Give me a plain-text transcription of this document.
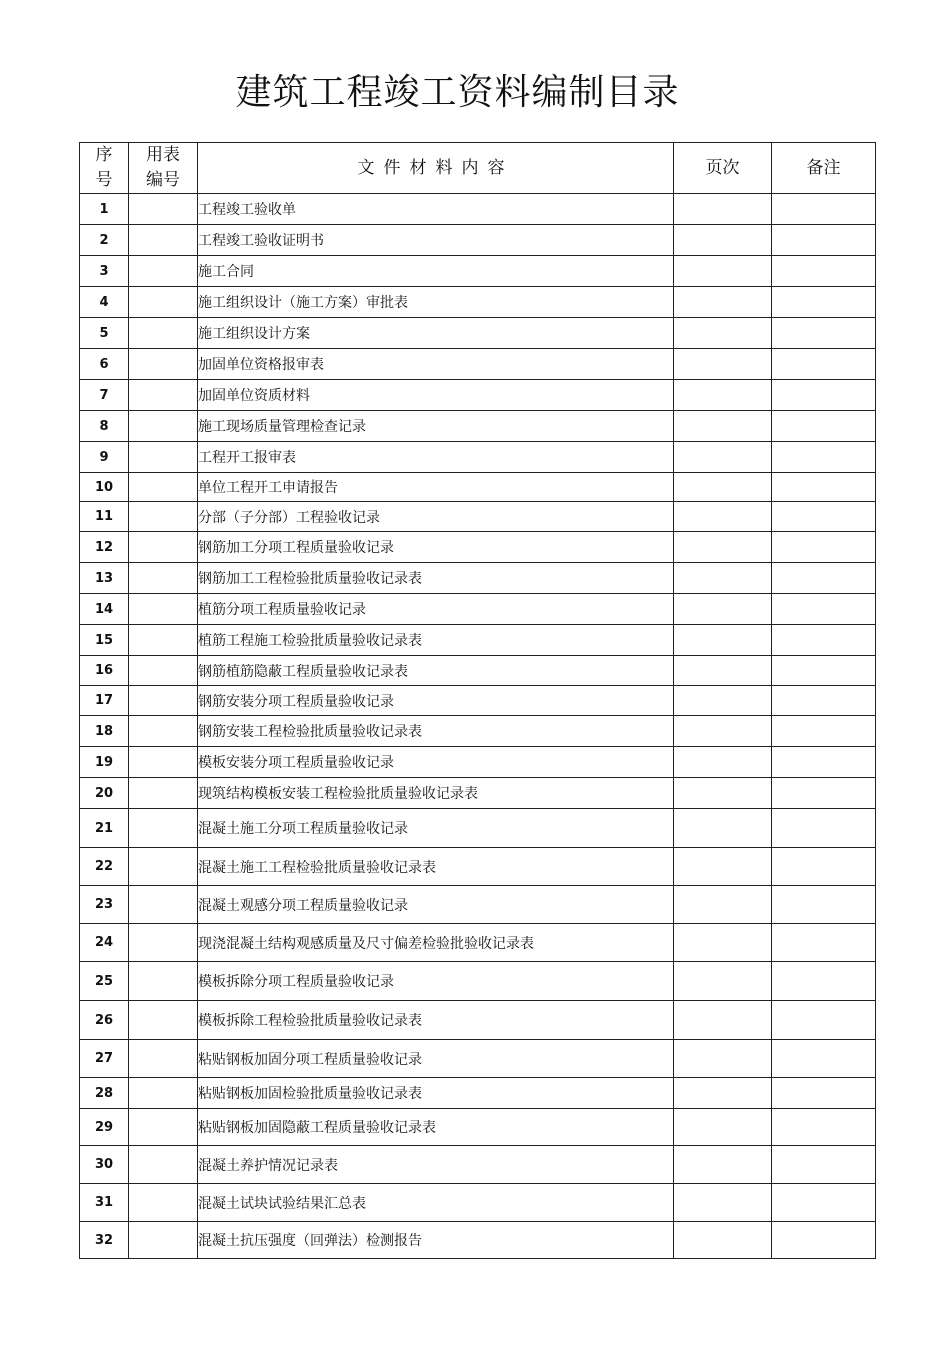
建筑工程竣工资料编制目录
序号	用表编号	文件材料内容	页次	备注
1		工程竣工验收单		
2		工程竣工验收证明书		
3		施工合同		
4		施工组织设计（施工方案）审批表		
5		施工组织设计方案		
6		加固单位资格报审表		
7		加固单位资质材料		
8		施工现场质量管理检查记录		
9		工程开工报审表		
10		单位工程开工申请报告		
11		分部（子分部）工程验收记录		
12		钢筋加工分项工程质量验收记录		
13		钢筋加工工程检验批质量验收记录表		
14		植筋分项工程质量验收记录		
15		植筋工程施工检验批质量验收记录表		
16		钢筋植筋隐蔽工程质量验收记录表		
17		钢筋安装分项工程质量验收记录		
18		钢筋安装工程检验批质量验收记录表		
19		模板安装分项工程质量验收记录		
20		现筑结构模板安装工程检验批质量验收记录表		
21		混凝土施工分项工程质量验收记录		
22		混凝土施工工程检验批质量验收记录表		
23		混凝土观感分项工程质量验收记录		
24		现浇混凝土结构观感质量及尺寸偏差检验批验收记录表		
25		模板拆除分项工程质量验收记录		
26		模板拆除工程检验批质量验收记录表		
27		粘贴钢板加固分项工程质量验收记录		
28		粘贴钢板加固检验批质量验收记录表		
29		粘贴钢板加固隐蔽工程质量验收记录表		
30		混凝土养护情况记录表		
31		混凝土试块试验结果汇总表		
32		混凝土抗压强度（回弹法）检测报告		
